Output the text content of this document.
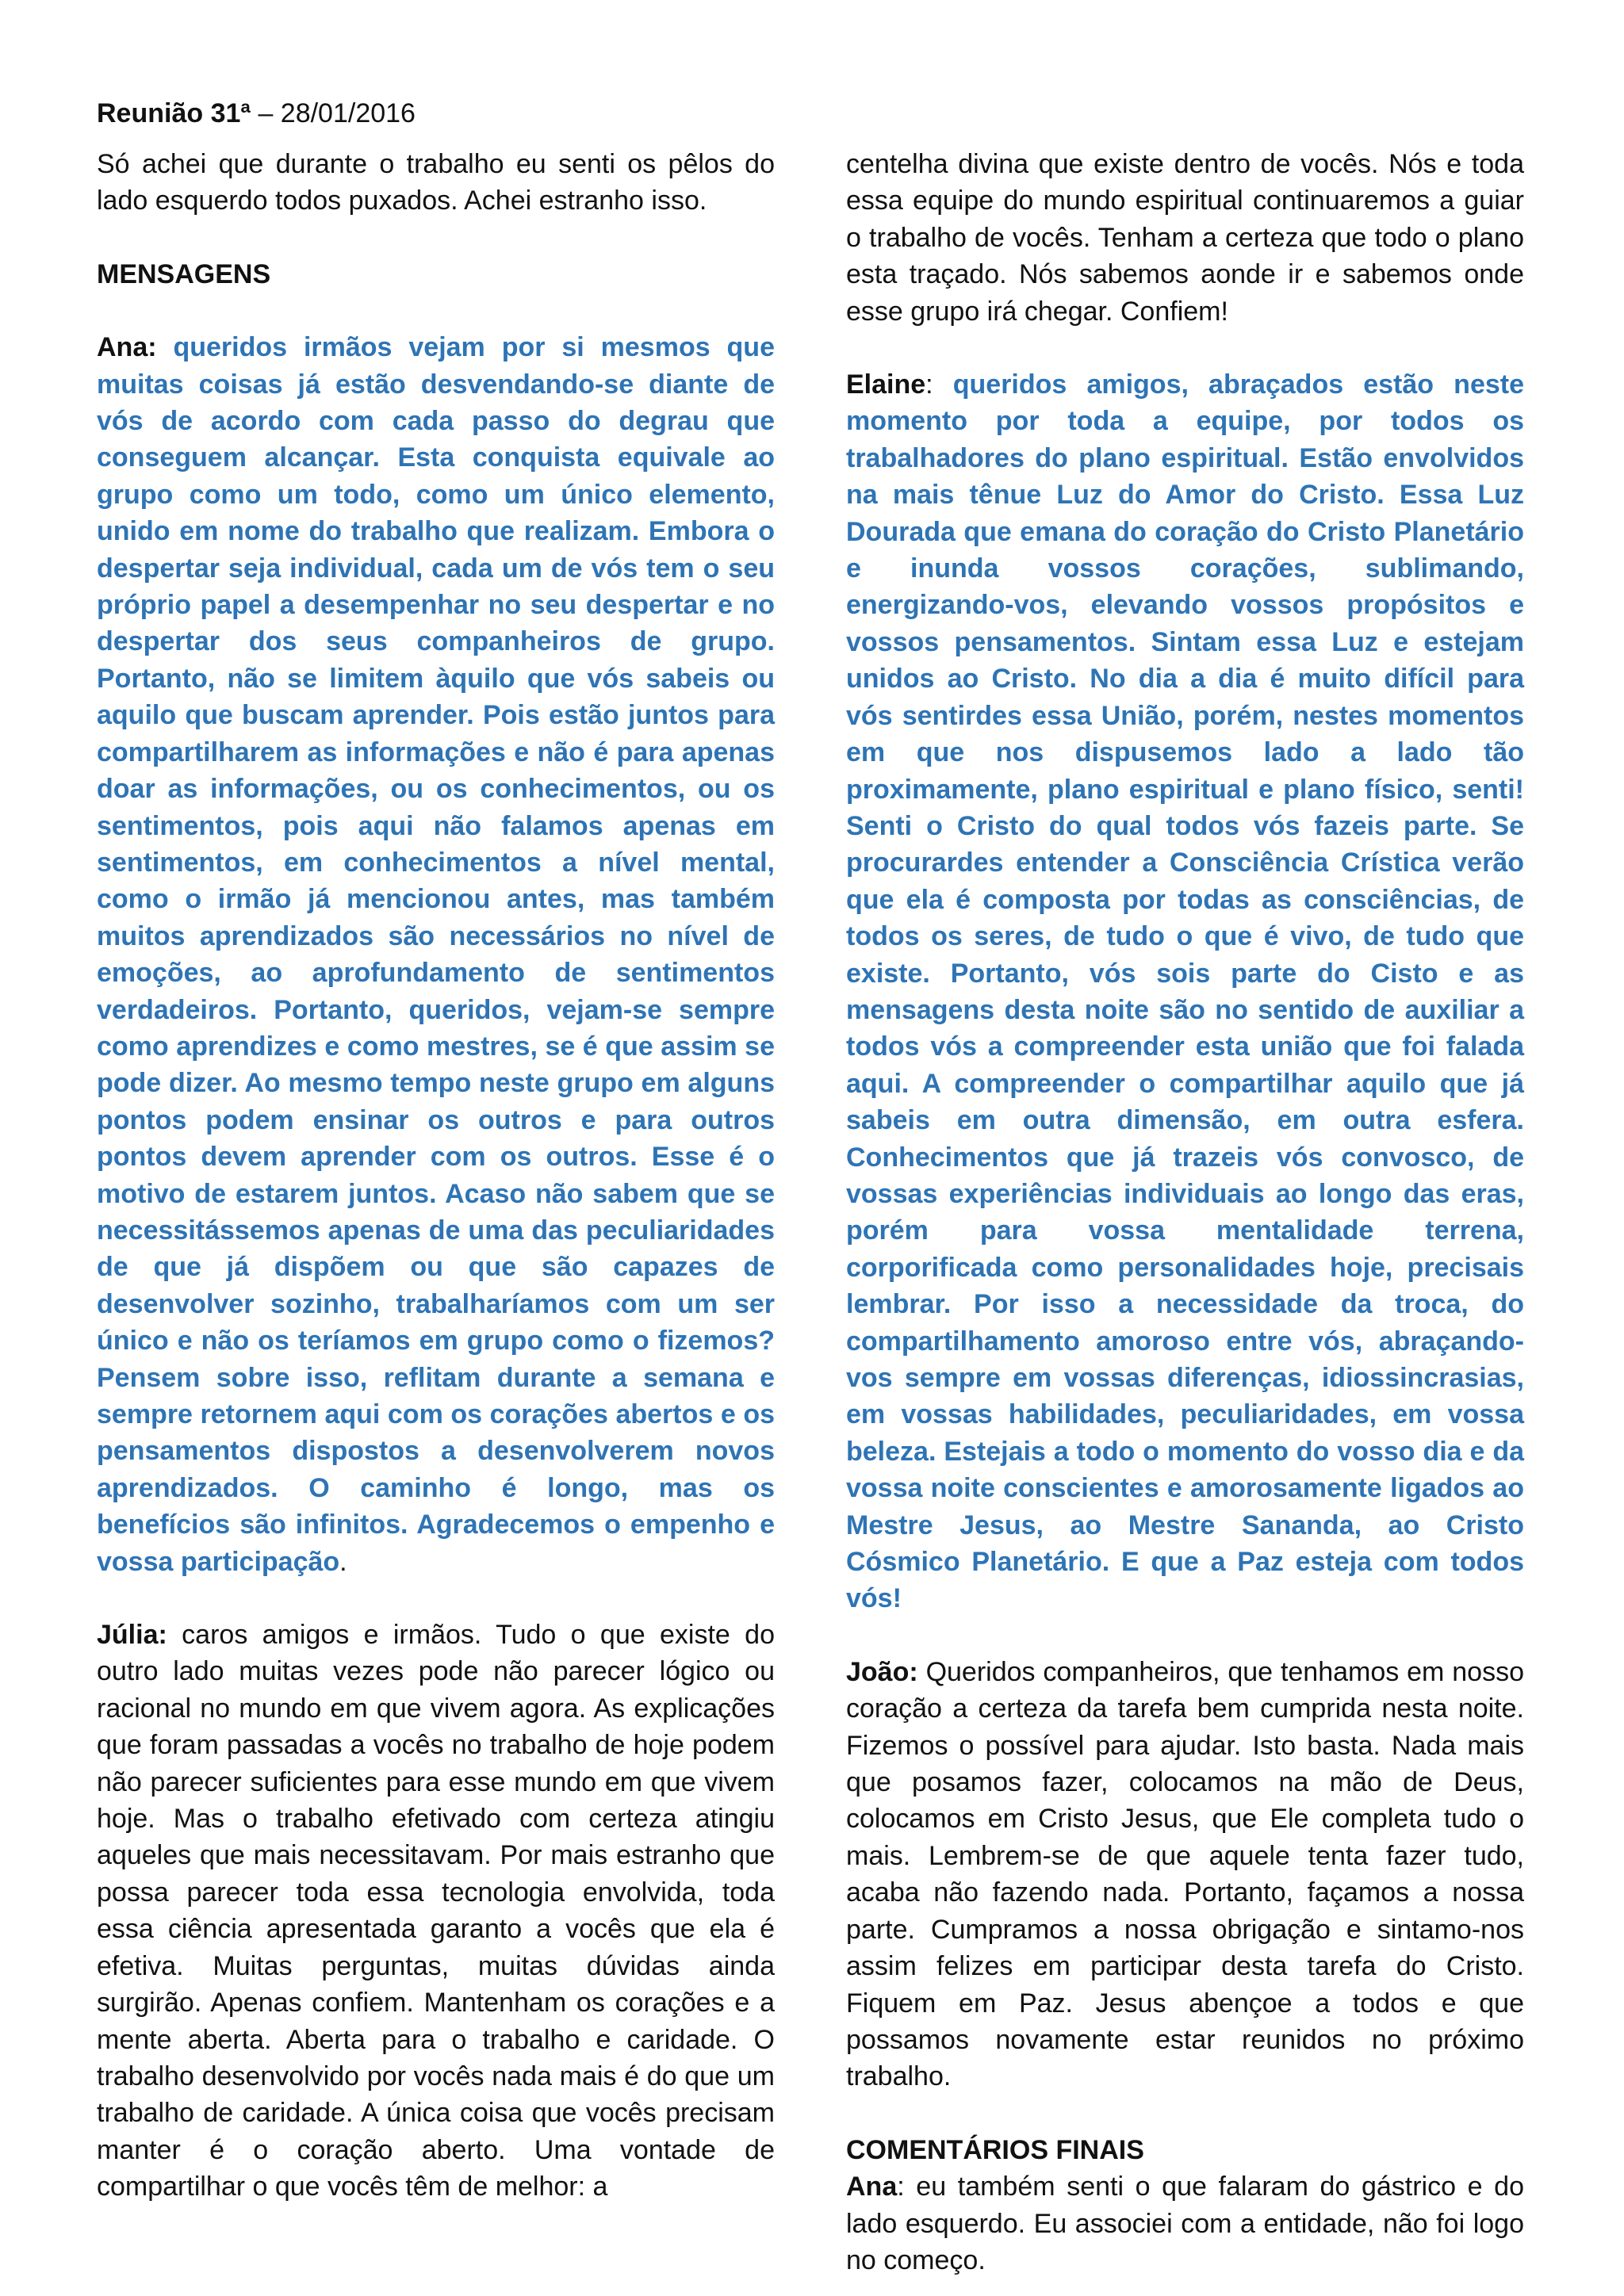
Reunião 31ª – 28/01/2016

Só achei que durante o trabalho eu senti os pêlos do lado esquerdo todos puxados. Achei estranho isso.

MENSAGENS

Ana: queridos irmãos vejam por si mesmos que muitas coisas já estão desvendando-se diante de vós de acordo com cada passo do degrau que conseguem alcançar. Esta conquista equivale ao grupo como um todo, como um único elemento, unido em nome do trabalho que realizam. Embora o despertar seja individual, cada um de vós tem o seu próprio papel a desempenhar no seu despertar e no despertar dos seus companheiros de grupo. Portanto, não se limitem àquilo que vós sabeis ou aquilo que buscam aprender. Pois estão juntos para compartilharem as informações e não é para apenas doar as informações, ou os conhecimentos, ou os sentimentos, pois aqui não falamos apenas em sentimentos, em conhecimentos a nível mental, como o irmão já mencionou antes, mas também muitos aprendizados são necessários no nível de emoções, ao aprofundamento de sentimentos verdadeiros. Portanto, queridos, vejam-se sempre como aprendizes e como mestres, se é que assim se pode dizer. Ao mesmo tempo neste grupo em alguns pontos podem ensinar os outros e para outros pontos devem aprender com os outros. Esse é o motivo de estarem juntos. Acaso não sabem que se necessitássemos apenas de uma das peculiaridades de que já dispõem ou que são capazes de desenvolver sozinho, trabalharíamos com um ser único e não os teríamos em grupo como o fizemos? Pensem sobre isso, reflitam durante a semana e sempre retornem aqui com os corações abertos e os pensamentos dispostos a desenvolverem novos aprendizados. O caminho é longo, mas os benefícios são infinitos. Agradecemos o empenho e vossa participação.

Júlia: caros amigos e irmãos. Tudo o que existe do outro lado muitas vezes pode não parecer lógico ou racional no mundo em que vivem agora. As explicações que foram passadas a vocês no trabalho de hoje podem não parecer suficientes para esse mundo em que vivem hoje. Mas o trabalho efetivado com certeza atingiu aqueles que mais necessitavam. Por mais estranho que possa parecer toda essa tecnologia envolvida, toda essa ciência apresentada garanto a vocês que ela é efetiva. Muitas perguntas, muitas dúvidas ainda surgirão. Apenas confiem. Mantenham os corações e a mente aberta. Aberta para o trabalho e caridade. O trabalho desenvolvido por vocês nada mais é do que um trabalho de caridade. A única coisa que vocês precisam manter é o coração aberto. Uma vontade de compartilhar o que vocês têm de melhor: a

centelha divina que existe dentro de vocês. Nós e toda essa equipe do mundo espiritual continuaremos a guiar o trabalho de vocês. Tenham a certeza que todo o plano esta traçado. Nós sabemos aonde ir e sabemos onde esse grupo irá chegar. Confiem!

Elaine: queridos amigos, abraçados estão neste momento por toda a equipe, por todos os trabalhadores do plano espiritual. Estão envolvidos na mais tênue Luz do Amor do Cristo. Essa Luz Dourada que emana do coração do Cristo Planetário e inunda vossos corações, sublimando, energizando-vos, elevando vossos propósitos e vossos pensamentos. Sintam essa Luz e estejam unidos ao Cristo. No dia a dia é muito difícil para vós sentirdes essa União, porém, nestes momentos em que nos dispusemos lado a lado tão proximamente, plano espiritual e plano físico, senti! Senti o Cristo do qual todos vós fazeis parte. Se procurardes entender a Consciência Crística verão que ela é composta por todas as consciências, de todos os seres, de tudo o que é vivo, de tudo que existe. Portanto, vós sois parte do Cisto e as mensagens desta noite são no sentido de auxiliar a todos vós a compreender esta união que foi falada aqui. A compreender o compartilhar aquilo que já sabeis em outra dimensão, em outra esfera. Conhecimentos que já trazeis vós convosco, de vossas experiências individuais ao longo das eras, porém para vossa mentalidade terrena, corporificada como personalidades hoje, precisais lembrar. Por isso a necessidade da troca, do compartilhamento amoroso entre vós, abraçando-vos sempre em vossas diferenças, idiossincrasias, em vossas habilidades, peculiaridades, em vossa beleza. Estejais a todo o momento do vosso dia e da vossa noite conscientes e amorosamente ligados ao Mestre Jesus, ao Mestre Sananda, ao Cristo Cósmico Planetário. E que a Paz esteja com todos vós!

João: Queridos companheiros, que tenhamos em nosso coração a certeza da tarefa bem cumprida nesta noite. Fizemos o possível para ajudar. Isto basta. Nada mais que posamos fazer, colocamos na mão de Deus, colocamos em Cristo Jesus, que Ele completa tudo o mais. Lembrem-se de que aquele tenta fazer tudo, acaba não fazendo nada. Portanto, façamos a nossa parte. Cumpramos a nossa obrigação e sintamo-nos assim felizes em participar desta tarefa do Cristo. Fiquem em Paz. Jesus abençoe a todos e que possamos novamente estar reunidos no próximo trabalho.

COMENTÁRIOS FINAIS

Ana: eu também senti o que falaram do gástrico e do lado esquerdo. Eu associei com a entidade, não foi logo no começo.
